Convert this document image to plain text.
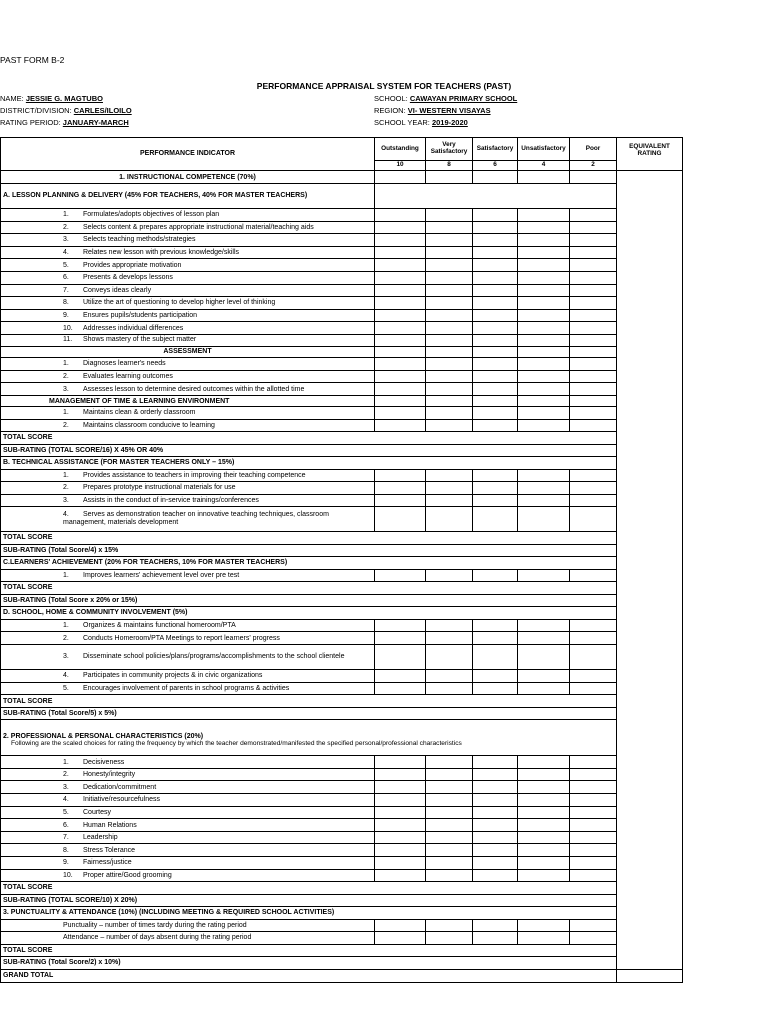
PAST FORM B-2
PERFORMANCE APPRAISAL SYSTEM FOR TEACHERS (PAST)
NAME: JESSIE G. MAGTUBO
DISTRICT/DIVISION: CARLES/ILOILO
RATING PERIOD: JANUARY-MARCH
SCHOOL: CAWAYAN PRIMARY SCHOOL
REGION: VI- WESTERN VISAYAS
SCHOOL YEAR: 2019-2020
PERFORMANCE INDICATOR	Outstanding	Very Satisfactory	Satisfactory	Unsatisfactory	Poor	EQUIVALENT RATING
	10	8	6	4	2	
1. INSTRUCTIONAL COMPETENCE (70%)						
A. LESSON PLANNING & DELIVERY (45% FOR TEACHERS, 40% FOR MASTER TEACHERS)						
1. Formulates/adopts objectives of lesson plan						
2. Selects content & prepares appropriate instructional material/teaching aids						
3. Selects teaching methods/strategies						
4. Relates new lesson with previous knowledge/skills						
5. Provides appropriate motivation						
6. Presents & develops lessons						
7. Conveys ideas clearly						
8. Utilize the art of questioning to develop higher level of thinking						
9. Ensures pupils/students participation						
10. Addresses individual differences						
11. Shows mastery of the subject matter						
ASSESSMENT						
1. Diagnoses learner's needs						
2. Evaluates learning outcomes						
3. Assesses lesson to determine desired outcomes within the allotted time						
MANAGEMENT OF TIME & LEARNING ENVIRONMENT						
1. Maintains clean & orderly classroom						
2. Maintains classroom conducive to learning						
TOTAL SCORE						
SUB-RATING (TOTAL SCORE/16) X 45% OR 40%						
B. TECHNICAL ASSISTANCE (FOR MASTER TEACHERS ONLY – 15%)						
1. Provides assistance to teachers in improving their teaching competence						
2. Prepares prototype instructional materials for use						
3. Assists in the conduct of in-service trainings/conferences						
4. Serves as demonstration teacher on innovative teaching techniques, classroom management, materials development						
TOTAL SCORE						
SUB-RATING (Total Score/4) x 15%						
C.LEARNERS' ACHIEVEMENT (20% FOR TEACHERS, 10% FOR MASTER TEACHERS)						
1. Improves learners' achievement level over pre test						
TOTAL SCORE						
SUB-RATING (Total Score x 20% or 15%)						
D. SCHOOL, HOME & COMMUNITY INVOLVEMENT (5%)						
1. Organizes & maintains functional homeroom/PTA						
2. Conducts Homeroom/PTA Meetings to report learners' progress						
3. Disseminate school policies/plans/programs/accomplishments to the school clientele						
4. Participates in community projects & in civic organizations						
5. Encourages involvement of parents in school programs & activities						
TOTAL SCORE						
SUB-RATING (Total Score/5) x 5%)						
2. PROFESSIONAL & PERSONAL CHARACTERISTICS (20%)
Following are the scaled choices for rating the frequency by which the teacher demonstrated/manifested the specified personal/professional characteristics						

1. Decisiveness						
2. Honesty/integrity						
3. Dedication/commitment						
4. Initiative/resourcefulness						
5. Courtesy						
6. Human Relations						
7. Leadership						
8. Stress Tolerance						
9. Fairness/justice						
10. Proper attire/Good grooming						
TOTAL SCORE						
SUB-RATING (TOTAL SCORE/10) X 20%)						
3. PUNCTUALITY & ATTENDANCE (10%) (INCLUDING MEETING & REQUIRED SCHOOL ACTIVITIES)						
Punctuality – number of times tardy during the rating period						
Attendance – number of days absent during the rating period						
TOTAL SCORE						
SUB-RATING (Total Score/2) x 10%)						
GRAND TOTAL						
